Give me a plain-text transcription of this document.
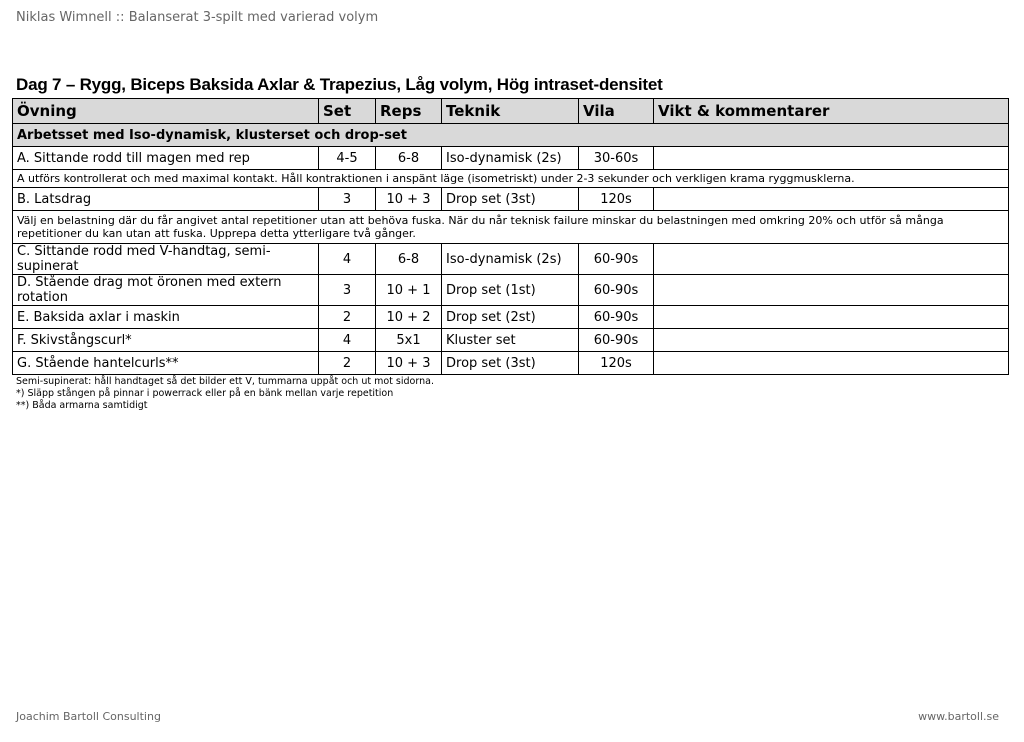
Niklas Wimnell :: Balanserat 3-spilt med varierad volym
Dag 7 – Rygg, Biceps Baksida Axlar & Trapezius, Låg volym, Hög intraset-densitet
Övning	Set	Reps	Teknik	Vila	Vikt & kommentarer
Arbetsset med Iso-dynamisk, klusterset och drop-set					
A. Sittande rodd till magen med rep	4-5	6-8	Iso-dynamisk (2s)	30-60s	
A utförs kontrollerat och med maximal kontakt. Håll kontraktionen i anspänt läge (isometriskt) under 2-3 sekunder och verkligen krama ryggmusklerna.					
B. Latsdrag	3	10 + 3	Drop set (3st)	120s	
Välj en belastning där du får angivet antal repetitioner utan att behöva fuska. När du når teknisk failure minskar du belastningen med omkring 20% och utför så många repetitioner du kan utan att fuska. Upprepa detta ytterligare två gånger.					
C. Sittande rodd med V-handtag, semi-supinerat	4	6-8	Iso-dynamisk (2s)	60-90s	
D. Stående drag mot öronen med extern rotation	3	10 + 1	Drop set (1st)	60-90s	
E. Baksida axlar i maskin	2	10 + 2	Drop set (2st)	60-90s	
F. Skivstångscurl*	4	5x1	Kluster set	60-90s	
G. Stående hantelcurls**	2	10 + 3	Drop set (3st)	120s	
Semi-supinerat: håll handtaget så det bilder ett V, tummarna uppåt och ut mot sidorna.
*) Släpp stången på pinnar i powerrack eller på en bänk mellan varje repetition
**) Båda armarna samtidigt
Joachim Bartoll Consulting	www.bartoll.se
